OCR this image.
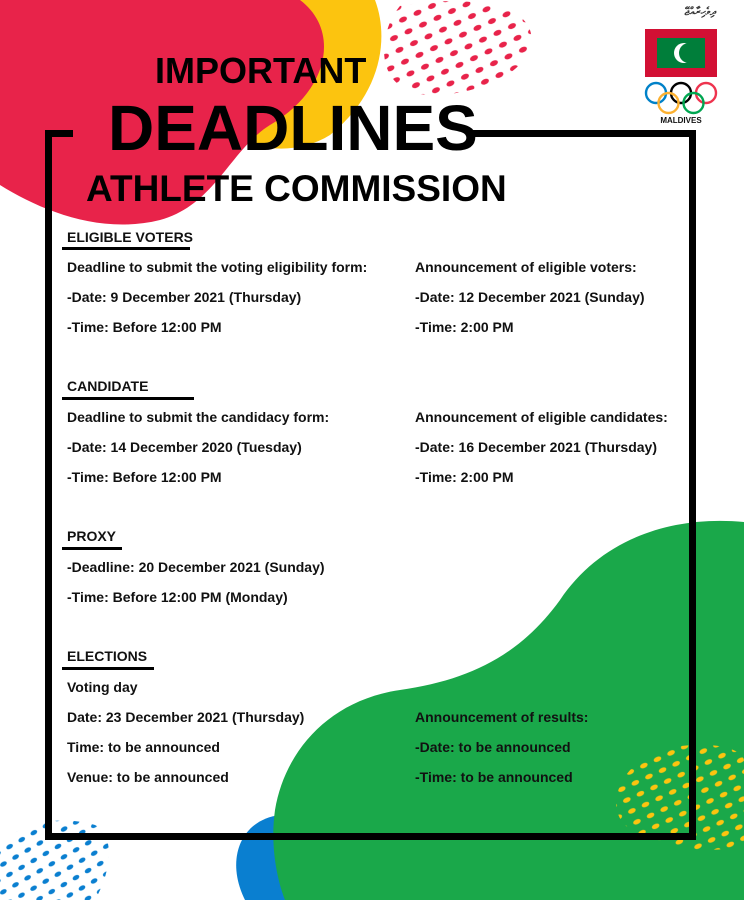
IMPORTANT
DEADLINES
ATHLETE COMMISSION
ދިވެހިރާއްޖޭ
MALDIVES
ELIGIBLE VOTERS
Deadline to submit the voting eligibility form:
-Date: 9 December 2021 (Thursday)
-Time: Before 12:00 PM
Announcement of eligible voters:
-Date: 12 December 2021 (Sunday)
-Time: 2:00 PM
CANDIDATE
Deadline to submit the candidacy form:
-Date: 14 December 2020 (Tuesday)
-Time: Before 12:00 PM
Announcement of eligible candidates:
-Date: 16 December 2021 (Thursday)
-Time: 2:00 PM
PROXY
-Deadline: 20 December 2021 (Sunday)
-Time: Before 12:00 PM (Monday)
ELECTIONS
Voting day
Date: 23 December 2021 (Thursday)
Time: to be announced
Venue: to be announced
Announcement of results:
-Date: to be announced
-Time: to be announced
